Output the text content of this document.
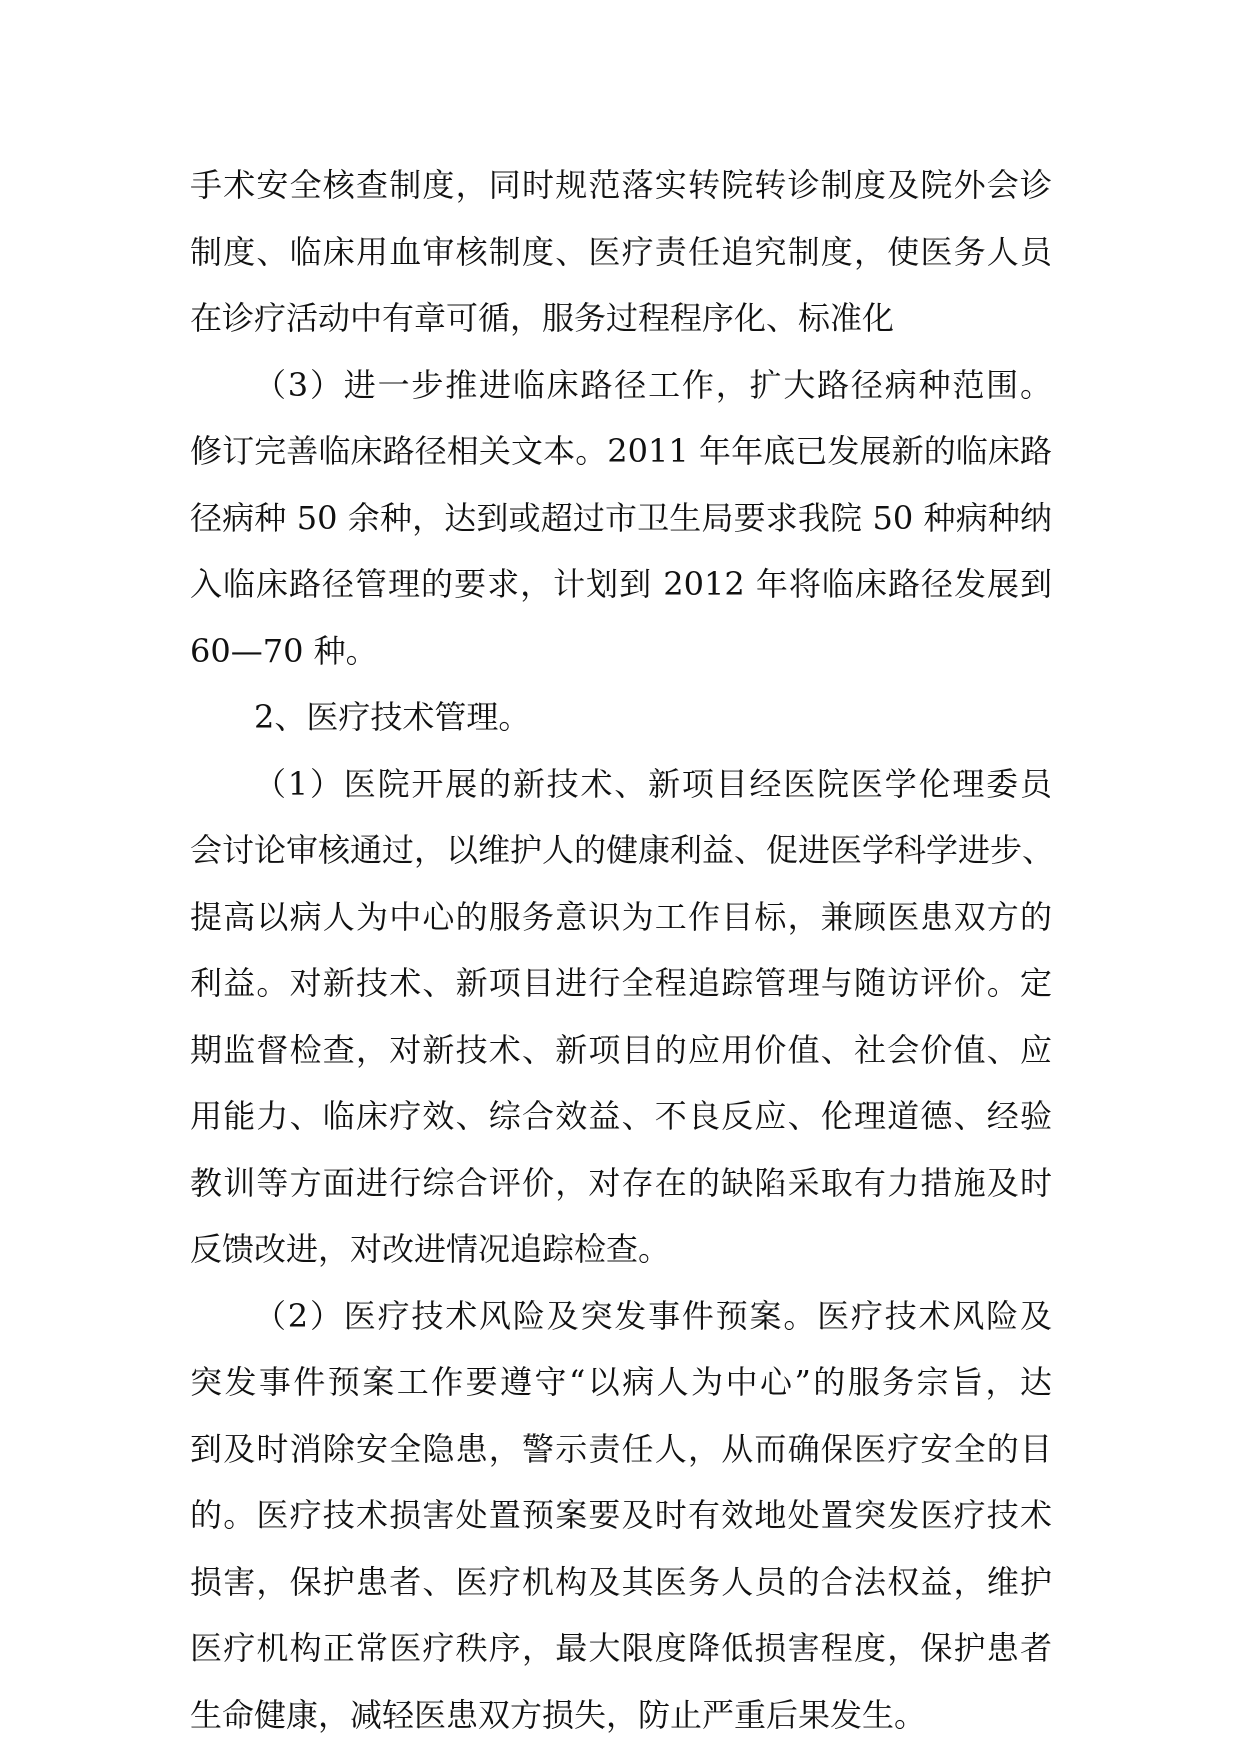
手术安全核查制度，同时规范落实转院转诊制度及院外会诊
制度、临床用血审核制度、医疗责任追究制度，使医务人员
在诊疗活动中有章可循，服务过程程序化、标准化
（3）进一步推进临床路径工作，扩大路径病种范围。
修订完善临床路径相关文本。2011 年年底已发展新的临床路
径病种 50 余种，达到或超过市卫生局要求我院 50 种病种纳
入临床路径管理的要求，计划到 2012 年将临床路径发展到
60—70 种。
2、医疗技术管理。
（1）医院开展的新技术、新项目经医院医学伦理委员
会讨论审核通过，以维护人的健康利益、促进医学科学进步、
提高以病人为中心的服务意识为工作目标，兼顾医患双方的
利益。对新技术、新项目进行全程追踪管理与随访评价。定
期监督检查，对新技术、新项目的应用价值、社会价值、应
用能力、临床疗效、综合效益、不良反应、伦理道德、经验
教训等方面进行综合评价，对存在的缺陷采取有力措施及时
反馈改进，对改进情况追踪检查。
（2）医疗技术风险及突发事件预案。医疗技术风险及
突发事件预案工作要遵守“以病人为中心”的服务宗旨，达
到及时消除安全隐患，警示责任人，从而确保医疗安全的目
的。医疗技术损害处置预案要及时有效地处置突发医疗技术
损害，保护患者、医疗机构及其医务人员的合法权益，维护
医疗机构正常医疗秩序，最大限度降低损害程度，保护患者
生命健康，减轻医患双方损失，防止严重后果发生。
